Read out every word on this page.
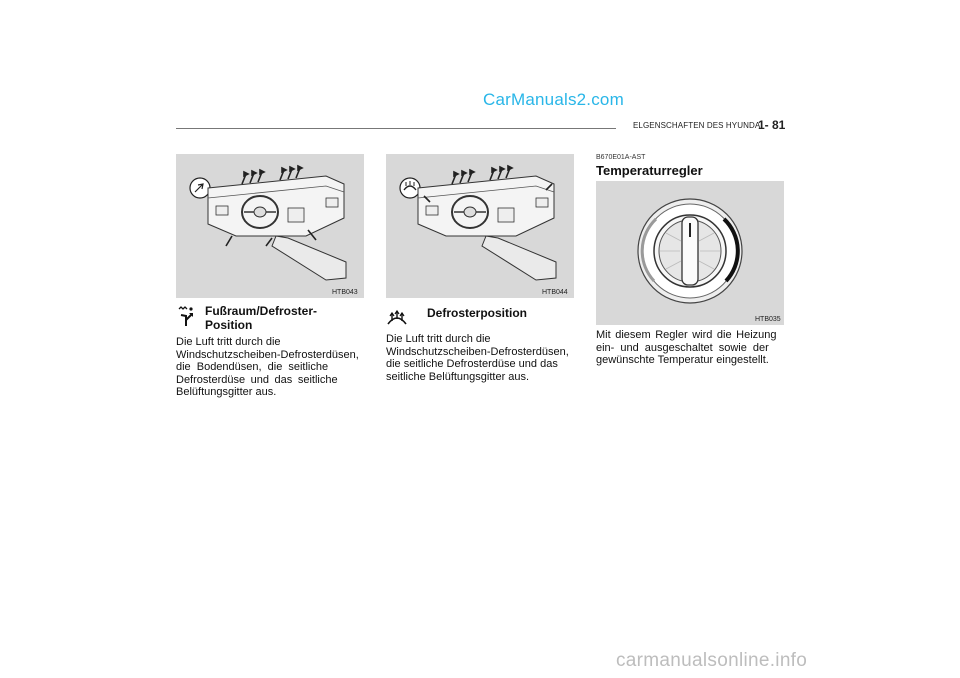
CarManuals2.com
ELGENSCHAFTEN DES HYUNDAI
1- 81
HTB043
Fußraum/Defroster-
Position
Die Luft tritt durch die
Windschutzscheiben-Defrosterdüsen,
die Bodendüsen, die seitliche
Defrosterdüse und das seitliche
Belüftungsgitter aus.
HTB044
Defrosterposition
Die Luft tritt durch die
Windschutzscheiben-Defrosterdüsen,
die seitliche Defrosterdüse und das
seitliche Belüftungsgitter aus.
B670E01A-AST
Temperaturregler
HTB035
Mit diesem Regler wird die Heizung
ein- und ausgeschaltet sowie der
gewünschte Temperatur eingestellt.
carmanualsonline.info
